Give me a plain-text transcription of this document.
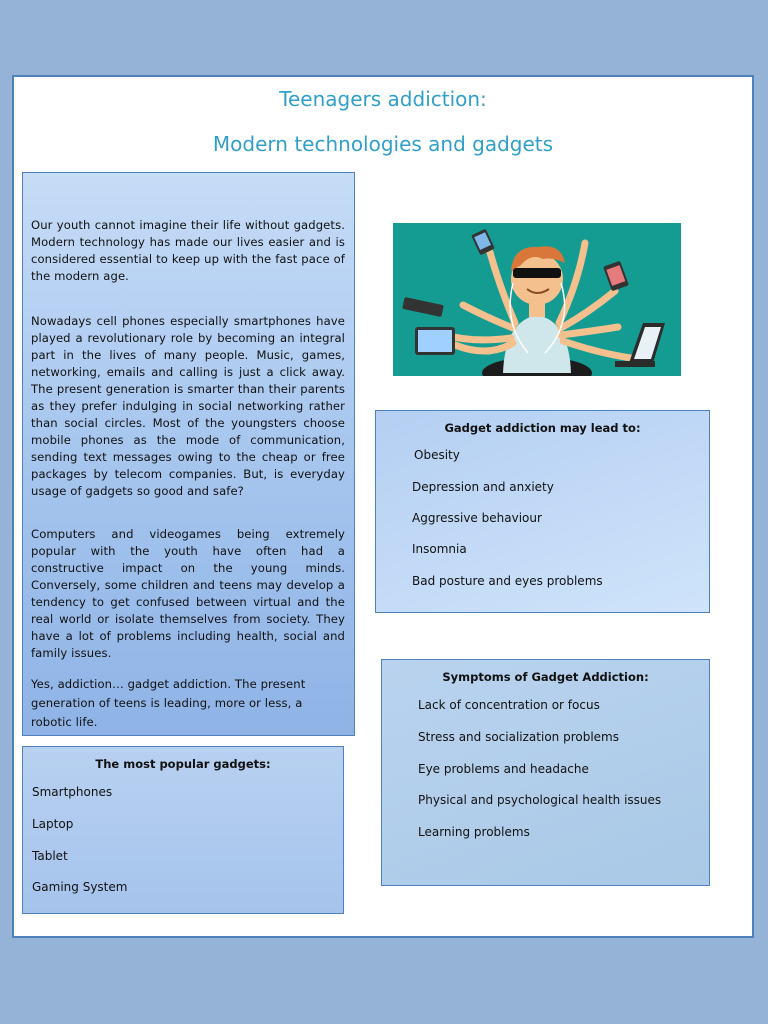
Teenagers addiction:
Modern technologies and gadgets

Our youth cannot imagine their life without gadgets. Modern technology has made our lives easier and is considered essential to keep up with the fast pace of the modern age.

Nowadays cell phones especially smartphones have played a revolutionary role by becoming an integral part in the lives of many people. Music, games, networking, emails and calling is just a click away. The present generation is smarter than their parents as they prefer indulging in social networking rather than social circles. Most of the youngsters choose mobile phones as the mode of communication, sending text messages owing to the cheap or free packages by telecom companies. But, is everyday usage of gadgets so good and safe?

Computers and videogames being extremely popular with the youth have often had a constructive impact on the young minds. Conversely, some children and teens may develop a tendency to get confused between virtual and the real world or isolate themselves from society. They have a lot of problems including health, social and family issues.

Yes, addiction… gadget addiction. The present generation of teens is leading, more or less, a robotic life.

Gadget addiction may lead to:
Obesity
Depression and anxiety
Aggressive behaviour
Insomnia
Bad posture and eyes problems
Symptoms of Gadget Addiction:
Lack of concentration or focus
Stress and socialization problems
Eye problems and headache
Physical and psychological health issues
Learning problems
The most popular gadgets:
Smartphones
Laptop
Tablet
Gaming System
